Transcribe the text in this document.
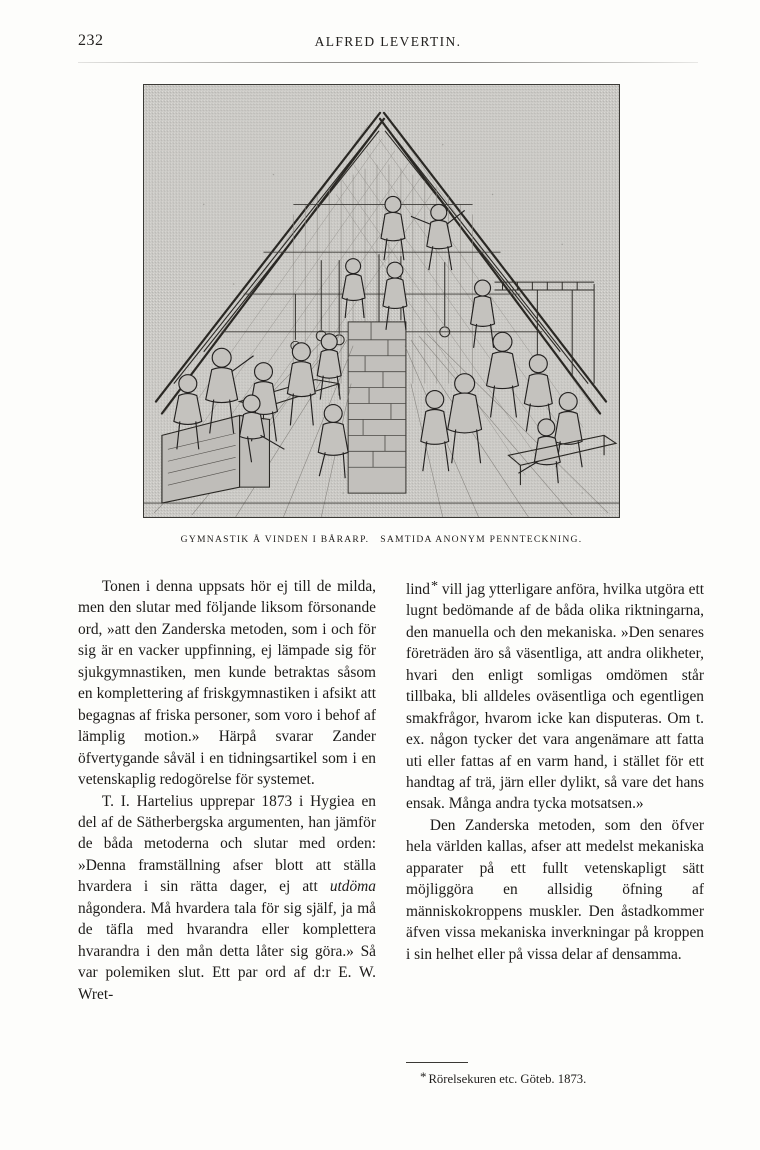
232	ALFRED LEVERTIN.
GYMNASTIK Å VINDEN I BÅRARP. SAMTIDA ANONYM PENNTECKNING.

Tonen i denna uppsats hör ej till de milda, men den slutar med följande liksom försonande ord, »att den Zanderska metoden, som i och för sig är en vacker uppfinning, ej lämpade sig för sjukgymnastiken, men kunde betraktas såsom en komplettering af friskgymnastiken i afsikt att begagnas af friska personer, som voro i behof af lämplig motion.» Härpå svarar Zander öfvertygande såväl i en tidningsartikel som i en vetenskaplig redogörelse för systemet.

T. I. Hartelius upprepar 1873 i Hygiea en del af de Sätherbergska argumenten, han jämför de båda metoderna och slutar med orden: »Denna framställning afser blott att ställa hvardera i sin rätta dager, ej att utdöma någondera. Må hvardera tala för sig själf, ja må de täfla med hvarandra eller komplettera hvarandra i den mån detta låter sig göra.» Så var polemiken slut. Ett par ord af d:r E. W. Wret-

lind* vill jag ytterligare anföra, hvilka utgöra ett lugnt bedömande af de båda olika riktningarna, den manuella och den mekaniska. »Den senares företräden äro så väsentliga, att andra olikheter, hvari den enligt somligas omdömen står tillbaka, bli alldeles oväsentliga och egentligen smakfrågor, hvarom icke kan disputeras. Om t. ex. någon tycker det vara angenämare att fatta uti eller fattas af en varm hand, i stället för ett handtag af trä, järn eller dylikt, så vare det hans ensak. Många andra tycka motsatsen.»

Den Zanderska metoden, som den öfver hela världen kallas, afser att medelst mekaniska apparater på ett fullt vetenskapligt sätt möjliggöra en allsidig öfning af människokroppens muskler. Den åstadkommer äfven vissa mekaniska inverkningar på kroppen i sin helhet eller på vissa delar af densamma.

* Rörelsekuren etc. Göteb. 1873.
